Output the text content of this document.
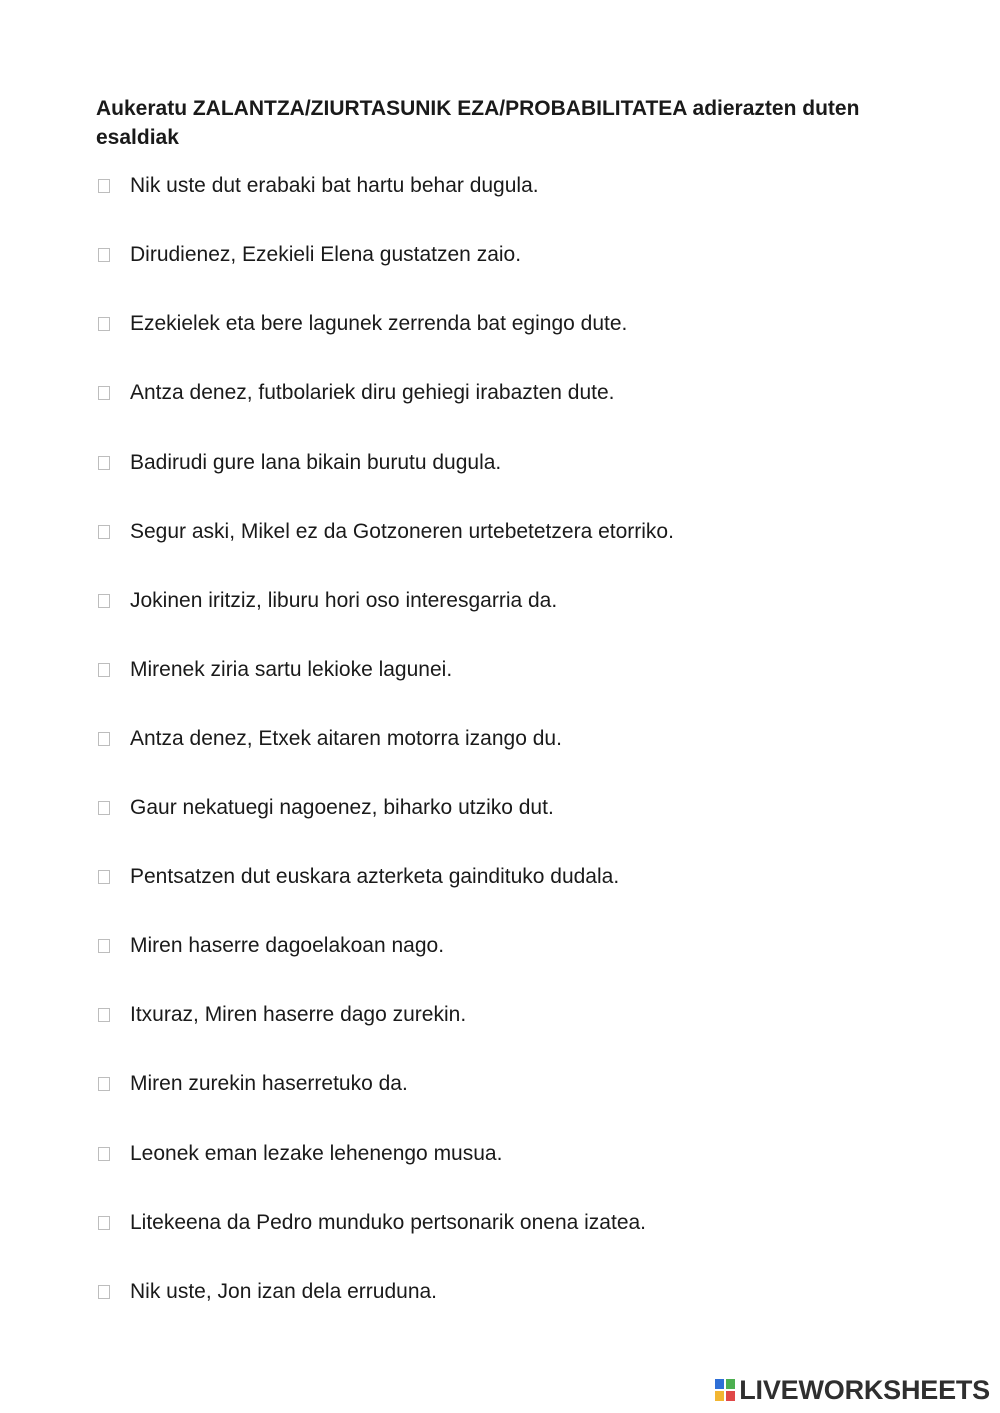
Aukeratu ZALANTZA/ZIURTASUNIK EZA/PROBABILITATEA adierazten duten esaldiak
Nik uste dut erabaki bat hartu behar dugula.
Dirudienez, Ezekieli Elena gustatzen zaio.
Ezekielek eta bere lagunek zerrenda bat egingo dute.
Antza denez, futbolariek diru gehiegi irabazten dute.
Badirudi gure lana bikain burutu dugula.
Segur aski, Mikel ez da Gotzoneren urtebetetzera etorriko.
Jokinen iritziz, liburu hori oso interesgarria da.
Mirenek ziria sartu lekioke lagunei.
Antza denez, Etxek aitaren motorra izango du.
Gaur nekatuegi nagoenez, biharko utziko dut.
Pentsatzen dut euskara azterketa gaindituko dudala.
Miren haserre dagoelakoan nago.
Itxuraz, Miren haserre dago zurekin.
Miren zurekin haserretuko da.
Leonek eman lezake lehenengo musua.
Litekeena da Pedro munduko pertsonarik onena izatea.
Nik uste, Jon izan dela erruduna.
LIVEWORKSHEETS
